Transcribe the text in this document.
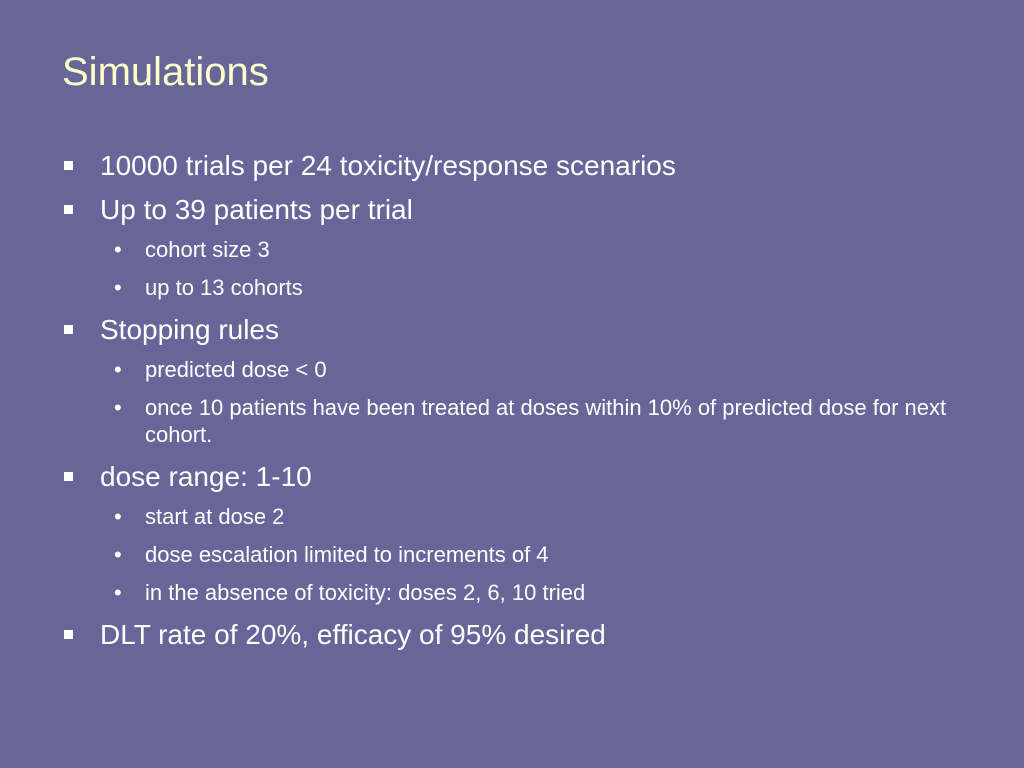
Simulations
10000 trials per 24 toxicity/response scenarios
Up to 39 patients per trial
• cohort size 3
• up to 13 cohorts
Stopping rules
• predicted dose < 0
• once 10 patients have been treated at doses within 10% of predicted dose for next cohort.
dose range: 1-10
• start at dose 2
• dose escalation limited to increments of 4
• in the absence of toxicity: doses 2, 6, 10 tried
DLT rate of 20%, efficacy of 95% desired
